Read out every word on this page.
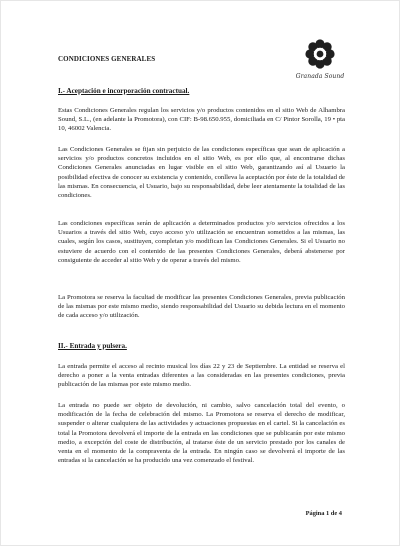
CONDICIONES GENERALES
Granada Sound
I.- Aceptación e incorporación contractual.

Estas Condiciones Generales regulan los servicios y/o productos contenidos en el sitio Web de Alhambra Sound, S.L., (en adelante la Promotora), con CIF: B-98.650.955, domiciliada en C/ Pintor Sorolla, 19 • pta 10, 46002 Valencia.

Las Condiciones Generales se fijan sin perjuicio de las condiciones específicas que sean de aplicación a servicios y/o productos concretos incluidos en el sitio Web, es por ello que, al encontrarse dichas Condiciones Generales anunciadas en lugar visible en el sitio Web, garantizando así al Usuario la posibilidad efectiva de conocer su existencia y contenido, conlleva la aceptación por éste de la totalidad de las mismas. En consecuencia, el Usuario, bajo su responsabilidad, debe leer atentamente la totalidad de las condiciones.

Las condiciones específicas serán de aplicación a determinados productos y/o servicios ofrecidos a los Usuarios a través del sitio Web, cuyo acceso y/o utilización se encuentran sometidos a las mismas, las cuales, según los casos, sustituyen, completan y/o modifican las Condiciones Generales. Si el Usuario no estuviere de acuerdo con el contenido de las presentes Condiciones Generales, deberá abstenerse por consiguiente de acceder al sitio Web y de operar a través del mismo.

La Promotora se reserva la facultad de modificar las presentes Condiciones Generales, previa publicación de las mismas por este mismo medio, siendo responsabilidad del Usuario su debida lectura en el momento de cada acceso y/o utilización.

II.- Entrada y pulsera.

La entrada permite el acceso al recinto musical los días 22 y 23 de Septiembre. La entidad se reserva el derecho a poner a la venta entradas diferentes a las consideradas en las presentes condiciones, previa publicación de las mismas por este mismo medio.

La entrada no puede ser objeto de devolución, ni cambio, salvo cancelación total del evento, o modificación de la fecha de celebración del mismo. La Promotora se reserva el derecho de modificar, suspender o alterar cualquiera de las actividades y actuaciones propuestas en el cartel. Si la cancelación es total la Promotora devolverá el importe de la entrada en las condiciones que se publicarán por este mismo medio, a excepción del coste de distribución, al tratarse éste de un servicio prestado por los canales de venta en el momento de la compraventa de la entrada. En ningún caso se devolverá el importe de las entradas si la cancelación se ha producido una vez comenzado el festival.

Página 1 de 4
